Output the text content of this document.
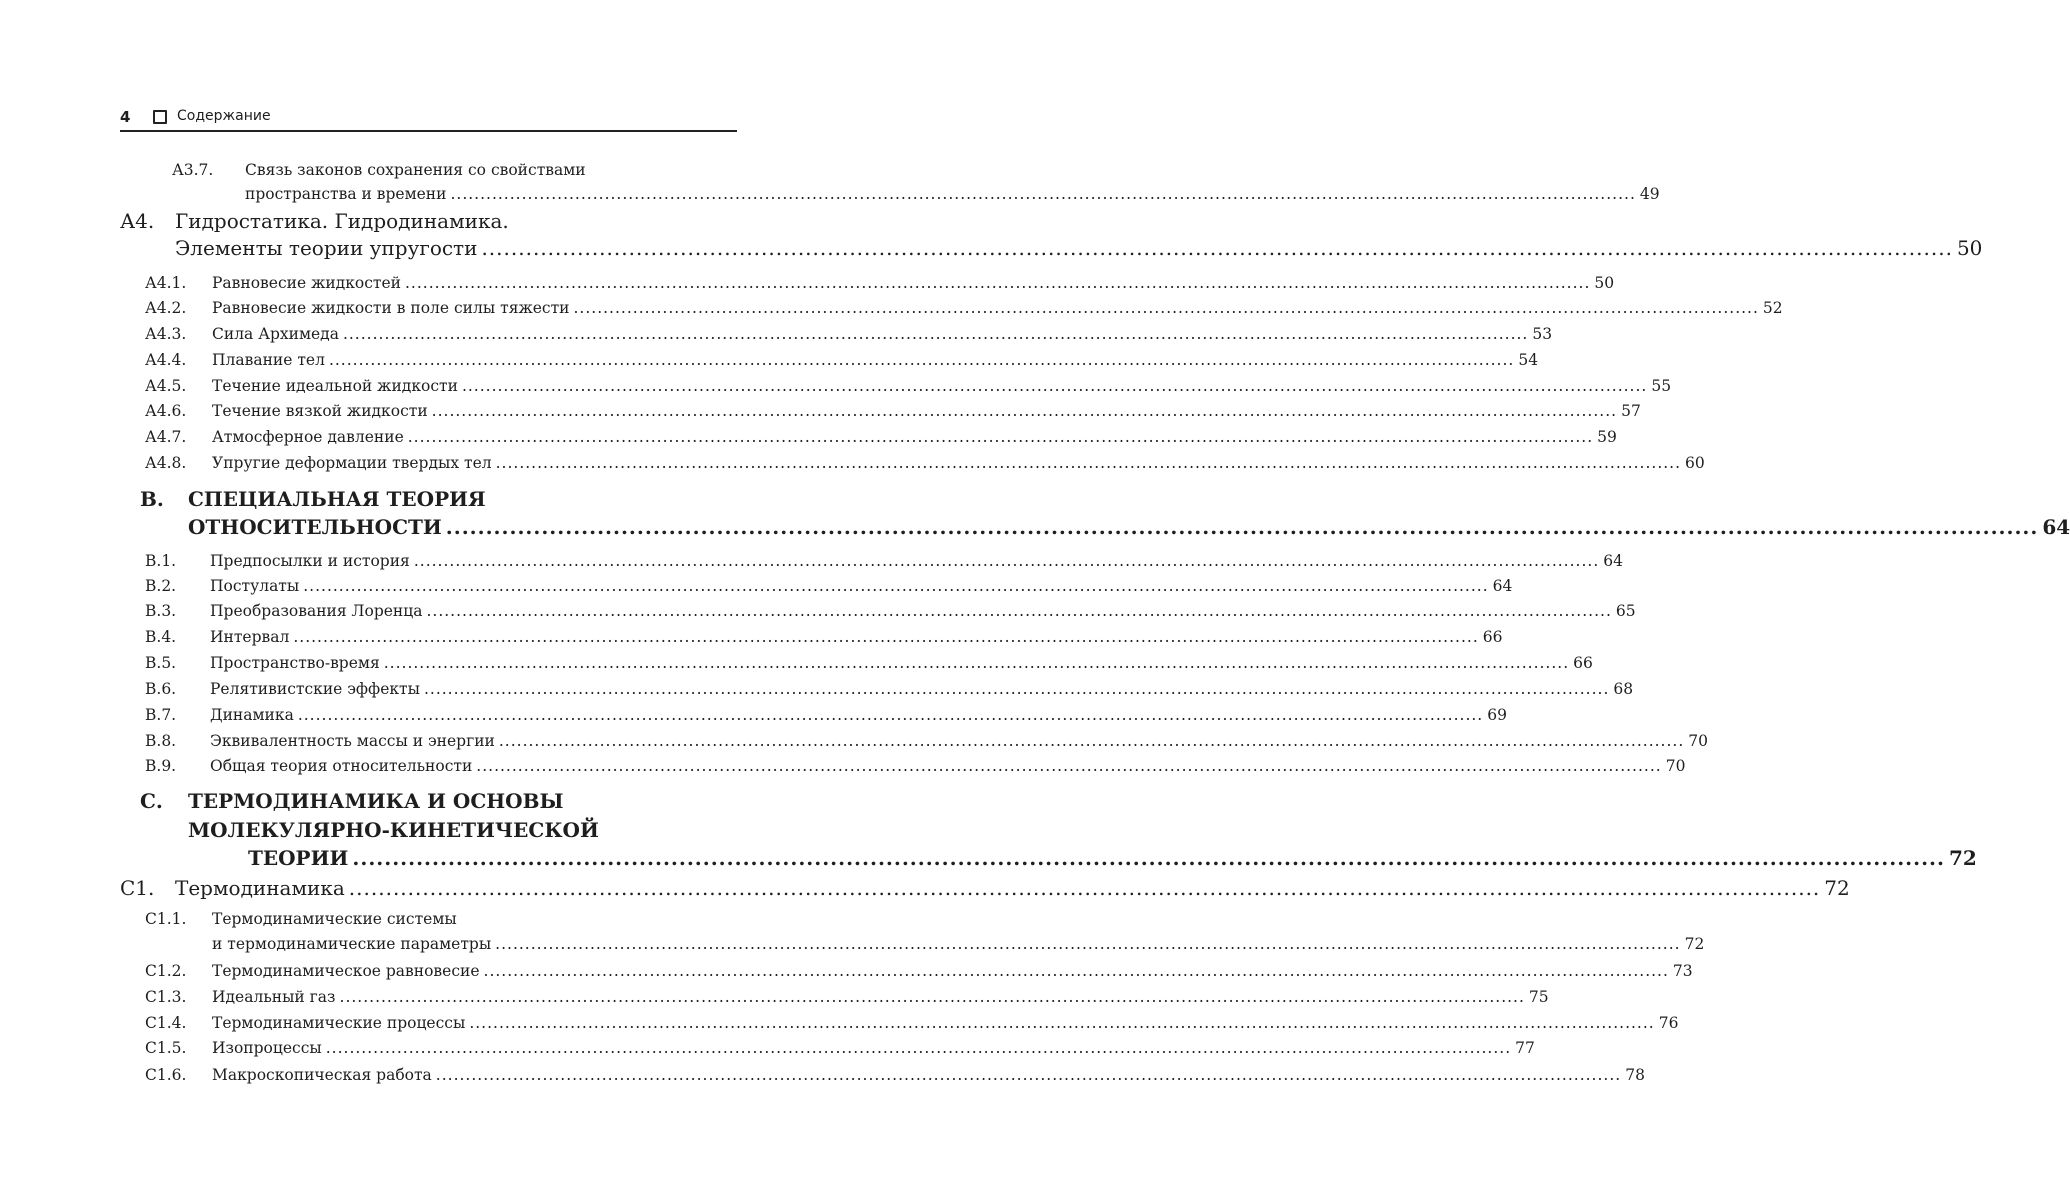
4	Содержание
А3.7. Связь законов сохранения со свойствами
пространства и времени ........................................................................................................................................................................................................ 49
А4. Гидростатика. Гидродинамика.
Элементы теории упругости ........................................................................................................................................................................................................ 50
А4.1. Равновесие жидкостей ........................................................................................................................................................................................................ 50
А4.2. Равновесие жидкости в поле силы тяжести ........................................................................................................................................................................................................ 52
А4.3. Сила Архимеда ........................................................................................................................................................................................................ 53
А4.4. Плавание тел ........................................................................................................................................................................................................ 54
А4.5. Течение идеальной жидкости ........................................................................................................................................................................................................ 55
А4.6. Течение вязкой жидкости ........................................................................................................................................................................................................ 57
А4.7. Атмосферное давление ........................................................................................................................................................................................................ 59
А4.8. Упругие деформации твердых тел ........................................................................................................................................................................................................ 60
В. СПЕЦИАЛЬНАЯ ТЕОРИЯ
ОТНОСИТЕЛЬНОСТИ ........................................................................................................................................................................................................ 64
В.1. Предпосылки и история ........................................................................................................................................................................................................ 64
В.2. Постулаты ........................................................................................................................................................................................................ 64
В.3. Преобразования Лоренца ........................................................................................................................................................................................................ 65
В.4. Интервал ........................................................................................................................................................................................................ 66
В.5. Пространство-время ........................................................................................................................................................................................................ 66
В.6. Релятивистские эффекты ........................................................................................................................................................................................................ 68
В.7. Динамика ........................................................................................................................................................................................................ 69
В.8. Эквивалентность массы и энергии ........................................................................................................................................................................................................ 70
В.9. Общая теория относительности ........................................................................................................................................................................................................ 70
С. ТЕРМОДИНАМИКА И ОСНОВЫ
МОЛЕКУЛЯРНО-КИНЕТИЧЕСКОЙ
ТЕОРИИ ........................................................................................................................................................................................................ 72
С1. Термодинамика ........................................................................................................................................................................................................ 72
С1.1. Термодинамические системы
и термодинамические параметры ........................................................................................................................................................................................................ 72
С1.2. Термодинамическое равновесие ........................................................................................................................................................................................................ 73
С1.3. Идеальный газ ........................................................................................................................................................................................................ 75
С1.4. Термодинамические процессы ........................................................................................................................................................................................................ 76
С1.5. Изопроцессы ........................................................................................................................................................................................................ 77
С1.6. Макроскопическая работа ........................................................................................................................................................................................................ 78
